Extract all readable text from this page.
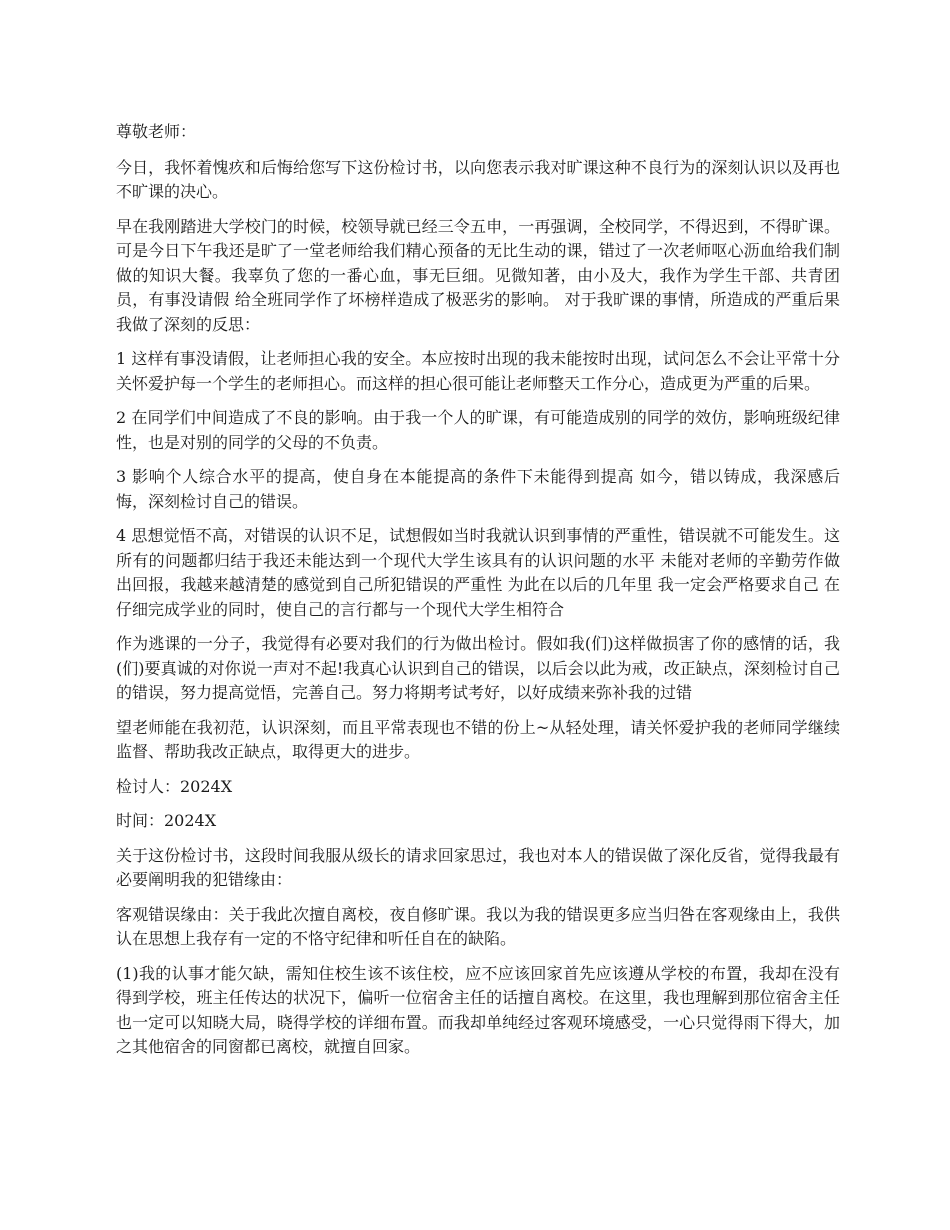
尊敬老师：

今日，我怀着愧疚和后悔给您写下这份检讨书，以向您表示我对旷课这种不良行为的深刻认识以及再也不旷课的决心。

早在我刚踏进大学校门的时候，校领导就已经三令五申，一再强调，全校同学，不得迟到，不得旷课。可是今日下午我还是旷了一堂老师给我们精心预备的无比生动的课，错过了一次老师呕心沥血给我们制做的知识大餐。我辜负了您的一番心血，事无巨细。见微知著，由小及大，我作为学生干部、共青团员，有事没请假 给全班同学作了坏榜样造成了极恶劣的影响。 对于我旷课的事情，所造成的严重后果我做了深刻的反思：

1 这样有事没请假，让老师担心我的安全。本应按时出现的我未能按时出现，试问怎么不会让平常十分关怀爱护每一个学生的老师担心。而这样的担心很可能让老师整天工作分心，造成更为严重的后果。

2 在同学们中间造成了不良的影响。由于我一个人的旷课，有可能造成别的同学的效仿，影响班级纪律性，也是对别的同学的父母的不负责。

3 影响个人综合水平的提高，使自身在本能提高的条件下未能得到提高 如今，错以铸成，我深感后悔，深刻检讨自己的错误。

4 思想觉悟不高，对错误的认识不足，试想假如当时我就认识到事情的严重性，错误就不可能发生。这所有的问题都归结于我还未能达到一个现代大学生该具有的认识问题的水平 未能对老师的辛勤劳作做出回报，我越来越清楚的感觉到自己所犯错误的严重性 为此在以后的几年里 我一定会严格要求自己 在仔细完成学业的同时，使自己的言行都与一个现代大学生相符合

作为逃课的一分子，我觉得有必要对我们的行为做出检讨。假如我(们)这样做损害了你的感情的话，我(们)要真诚的对你说一声对不起!我真心认识到自己的错误，以后会以此为戒，改正缺点，深刻检讨自己的错误，努力提高觉悟，完善自己。努力将期考试考好，以好成绩来弥补我的过错

望老师能在我初范，认识深刻，而且平常表现也不错的份上~从轻处理，请关怀爱护我的老师同学继续监督、帮助我改正缺点，取得更大的进步。

检讨人：2024X

时间：2024X

关于这份检讨书，这段时间我服从级长的请求回家思过，我也对本人的错误做了深化反省，觉得我最有必要阐明我的犯错缘由：

客观错误缘由：关于我此次擅自离校，夜自修旷课。我以为我的错误更多应当归咎在客观缘由上，我供认在思想上我存有一定的不恪守纪律和听任自在的缺陷。

(1)我的认事才能欠缺，需知住校生该不该住校，应不应该回家首先应该遵从学校的布置，我却在没有得到学校，班主任传达的状况下，偏听一位宿舍主任的话擅自离校。在这里，我也理解到那位宿舍主任也一定可以知晓大局，晓得学校的详细布置。而我却单纯经过客观环境感受，一心只觉得雨下得大，加之其他宿舍的同窗都已离校，就擅自回家。
